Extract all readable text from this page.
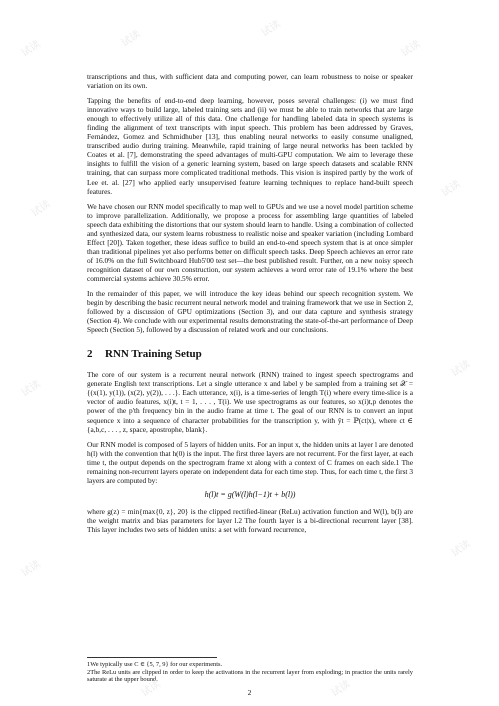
transcriptions and thus, with sufficient data and computing power, can learn robustness to noise or speaker variation on its own.

Tapping the benefits of end-to-end deep learning, however, poses several challenges: (i) we must find innovative ways to build large, labeled training sets and (ii) we must be able to train networks that are large enough to effectively utilize all of this data. One challenge for handling labeled data in speech systems is finding the alignment of text transcripts with input speech. This problem has been addressed by Graves, Fernández, Gomez and Schmidhuber [13], thus enabling neural networks to easily consume unaligned, transcribed audio during training. Meanwhile, rapid training of large neural networks has been tackled by Coates et al. [7], demonstrating the speed advantages of multi-GPU computation. We aim to leverage these insights to fulfill the vision of a generic learning system, based on large speech datasets and scalable RNN training, that can surpass more complicated traditional methods. This vision is inspired partly by the work of Lee et. al. [27] who applied early unsupervised feature learning techniques to replace hand-built speech features.

We have chosen our RNN model specifically to map well to GPUs and we use a novel model partition scheme to improve parallelization. Additionally, we propose a process for assembling large quantities of labeled speech data exhibiting the distortions that our system should learn to handle. Using a combination of collected and synthesized data, our system learns robustness to realistic noise and speaker variation (including Lombard Effect [20]). Taken together, these ideas suffice to build an end-to-end speech system that is at once simpler than traditional pipelines yet also performs better on difficult speech tasks. Deep Speech achieves an error rate of 16.0% on the full Switchboard Hub5'00 test set—the best published result. Further, on a new noisy speech recognition dataset of our own construction, our system achieves a word error rate of 19.1% where the best commercial systems achieve 30.5% error.

In the remainder of this paper, we will introduce the key ideas behind our speech recognition system. We begin by describing the basic recurrent neural network model and training framework that we use in Section 2, followed by a discussion of GPU optimizations (Section 3), and our data capture and synthesis strategy (Section 4). We conclude with our experimental results demonstrating the state-of-the-art performance of Deep Speech (Section 5), followed by a discussion of related work and our conclusions.

2 RNN Training Setup

The core of our system is a recurrent neural network (RNN) trained to ingest speech spectrograms and generate English text transcriptions. Let a single utterance x and label y be sampled from a training set 𝒳 = {(x(1), y(1)), (x(2), y(2)), . . .}. Each utterance, x(i), is a time-series of length T(i) where every time-slice is a vector of audio features, x(i)t, t = 1, . . . , T(i). We use spectrograms as our features, so x(i)t,p denotes the power of the p'th frequency bin in the audio frame at time t. The goal of our RNN is to convert an input sequence x into a sequence of character probabilities for the transcription y, with ŷt = ℙ(ct|x), where ct ∈ {a,b,c, . . . , z, space, apostrophe, blank}.

Our RNN model is composed of 5 layers of hidden units. For an input x, the hidden units at layer l are denoted h(l) with the convention that h(0) is the input. The first three layers are not recurrent. For the first layer, at each time t, the output depends on the spectrogram frame xt along with a context of C frames on each side.1 The remaining non-recurrent layers operate on independent data for each time step. Thus, for each time t, the first 3 layers are computed by:

h(l)t = g(W(l)h(l−1)t + b(l))

where g(z) = min{max{0, z}, 20} is the clipped rectified-linear (ReLu) activation function and W(l), b(l) are the weight matrix and bias parameters for layer l.2 The fourth layer is a bi-directional recurrent layer [38]. This layer includes two sets of hidden units: a set with forward recurrence,

1We typically use C ∈ {5, 7, 9} for our experiments.

2The ReLu units are clipped in order to keep the activations in the recurrent layer from exploding; in practice the units rarely saturate at the upper bound.

2
试读	试读	试读
试读
试读
试读
试读
试读
试读
试读
试读	试读
